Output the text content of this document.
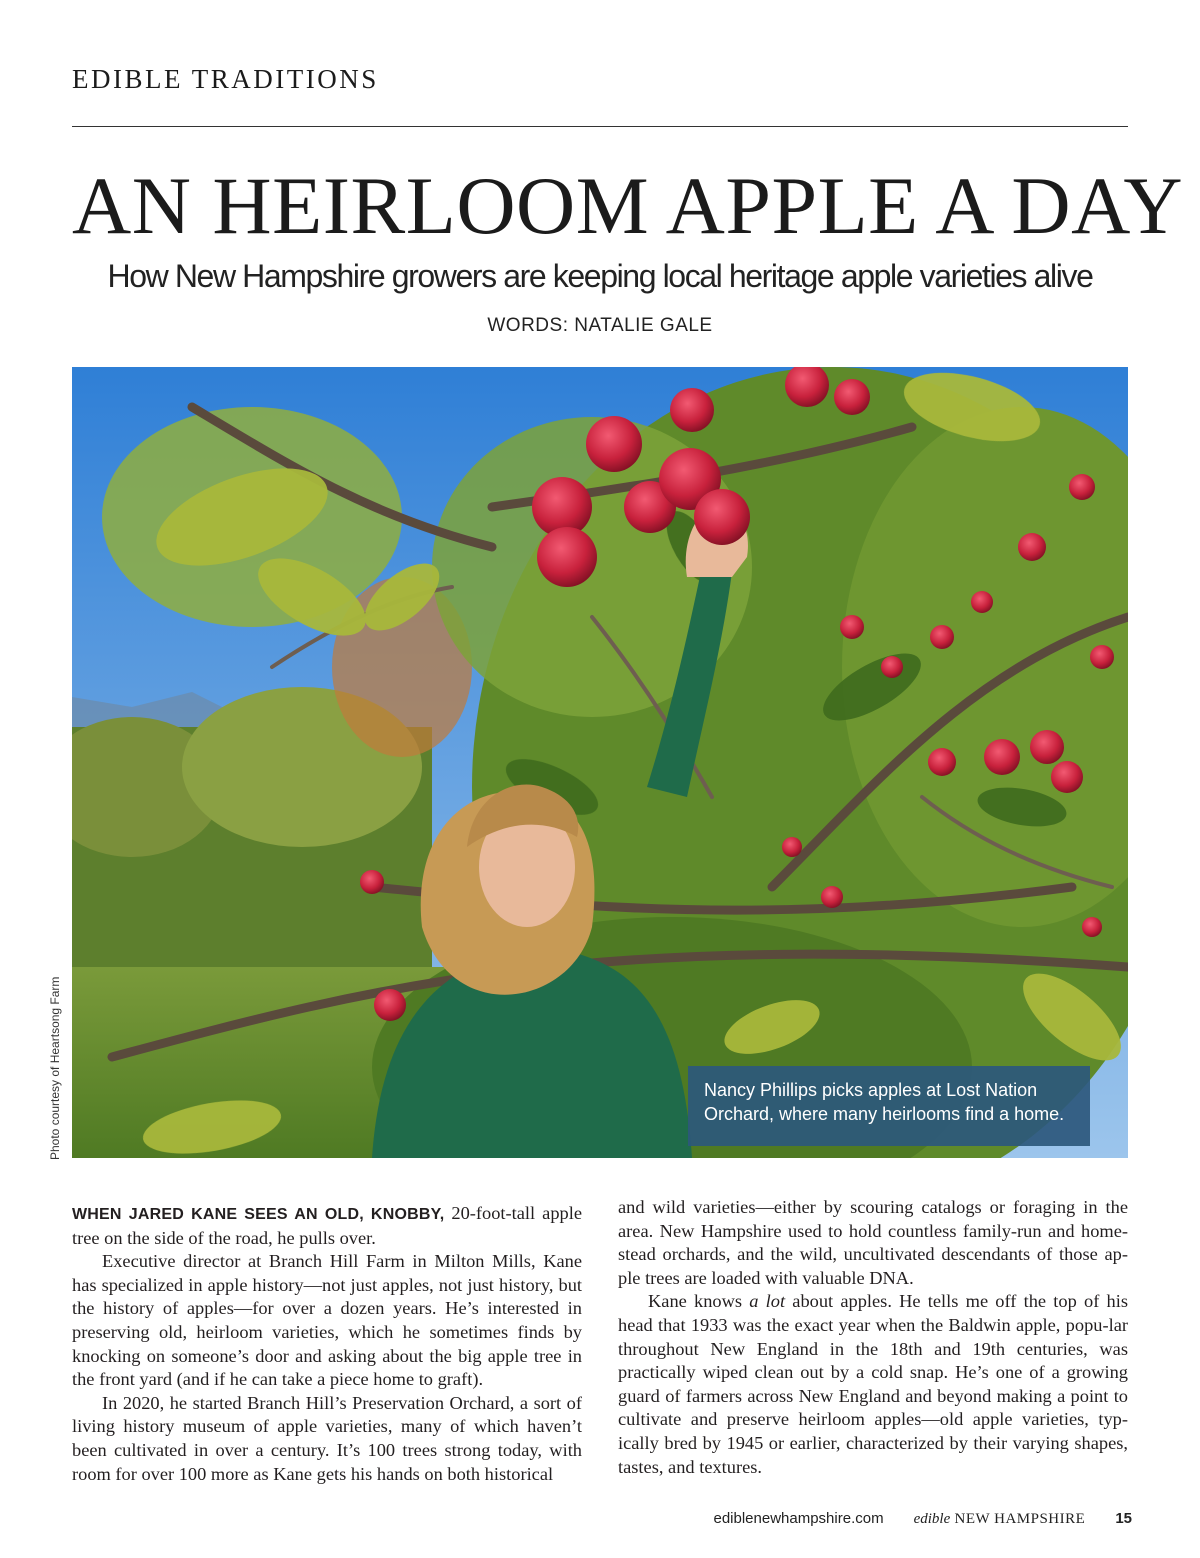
EDIBLE TRADITIONS
AN HEIRLOOM APPLE A DAY
How New Hampshire growers are keeping local heritage apple varieties alive
WORDS: NATALIE GALE
Nancy Phillips picks apples at Lost Nation
Orchard, where many heirlooms find a home.
Photo courtesy of Heartsong Farm

WHEN JARED KANE SEES AN OLD, KNOBBY, 20-foot-tall apple tree on the side of the road, he pulls over.

Executive director at Branch Hill Farm in Milton Mills, Kane has specialized in apple history—not just apples, not just history, but the history of apples—for over a dozen years. He’s interested in preserving old, heirloom varieties, which he sometimes finds by knocking on someone’s door and asking about the big apple tree in the front yard (and if he can take a piece home to graft).

In 2020, he started Branch Hill’s Preservation Orchard, a sort of living history museum of apple varieties, many of which haven’t been cultivated in over a century. It’s 100 trees strong today, with room for over 100 more as Kane gets his hands on both historical

and wild varieties—either by scouring catalogs or foraging in the area. New Hampshire used to hold countless family-run and home-stead orchards, and the wild, uncultivated descendants of those ap-ple trees are loaded with valuable DNA.

Kane knows a lot about apples. He tells me off the top of his head that 1933 was the exact year when the Baldwin apple, popu-lar throughout New England in the 18th and 19th centuries, was practically wiped clean out by a cold snap. He’s one of a growing guard of farmers across New England and beyond making a point to cultivate and preserve heirloom apples—old apple varieties, typ-ically bred by 1945 or earlier, characterized by their varying shapes, tastes, and textures.

ediblenewhampshire.com edible NEW HAMPSHIRE 15
